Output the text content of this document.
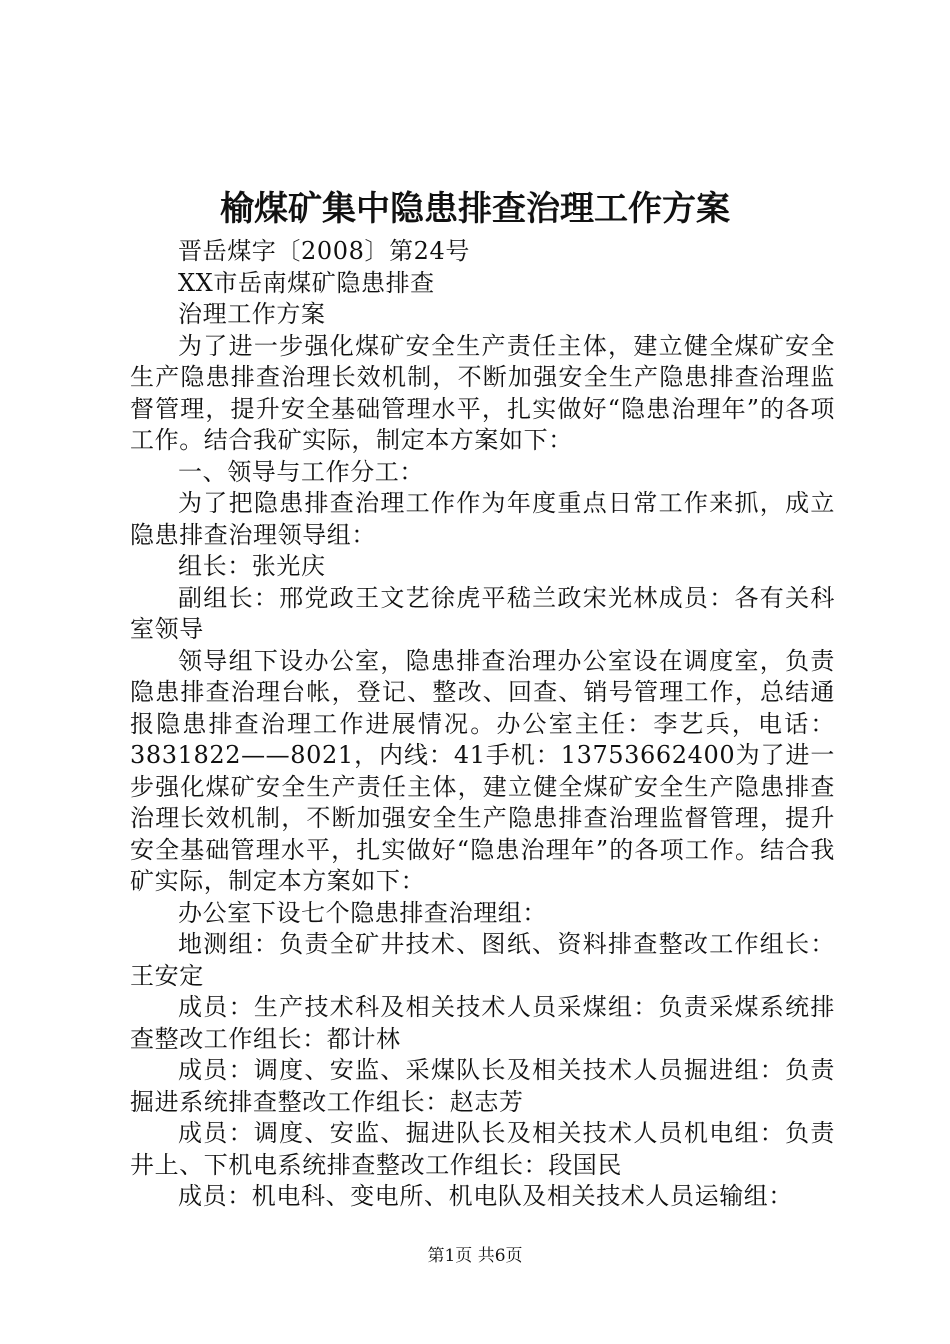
榆煤矿集中隐患排查治理工作方案

晋岳煤字〔2008〕第24号

XX市岳南煤矿隐患排查

治理工作方案

为了进一步强化煤矿安全生产责任主体，建立健全煤矿安全生产隐患排查治理长效机制，不断加强安全生产隐患排查治理监督管理，提升安全基础管理水平，扎实做好“隐患治理年”的各项工作。结合我矿实际，制定本方案如下：

一、领导与工作分工：

为了把隐患排查治理工作作为年度重点日常工作来抓，成立隐患排查治理领导组：

组长：张光庆

副组长：邢党政王文艺徐虎平嵇兰政宋光林成员：各有关科室领导

领导组下设办公室，隐患排查治理办公室设在调度室，负责隐患排查治理台帐，登记、整改、回查、销号管理工作，总结通报隐患排查治理工作进展情况。办公室主任：李艺兵，电话：3831822——8021，内线：41手机：13753662400为了进一步强化煤矿安全生产责任主体，建立健全煤矿安全生产隐患排查治理长效机制，不断加强安全生产隐患排查治理监督管理，提升安全基础管理水平，扎实做好“隐患治理年”的各项工作。结合我矿实际，制定本方案如下：

办公室下设七个隐患排查治理组：

地测组：负责全矿井技术、图纸、资料排查整改工作组长：王安定

成员：生产技术科及相关技术人员采煤组：负责采煤系统排查整改工作组长：都计林

成员：调度、安监、采煤队长及相关技术人员掘进组：负责掘进系统排查整改工作组长：赵志芳

成员：调度、安监、掘进队长及相关技术人员机电组：负责井上、下机电系统排查整改工作组长：段国民

成员：机电科、变电所、机电队及相关技术人员运输组：

第1页 共6页
